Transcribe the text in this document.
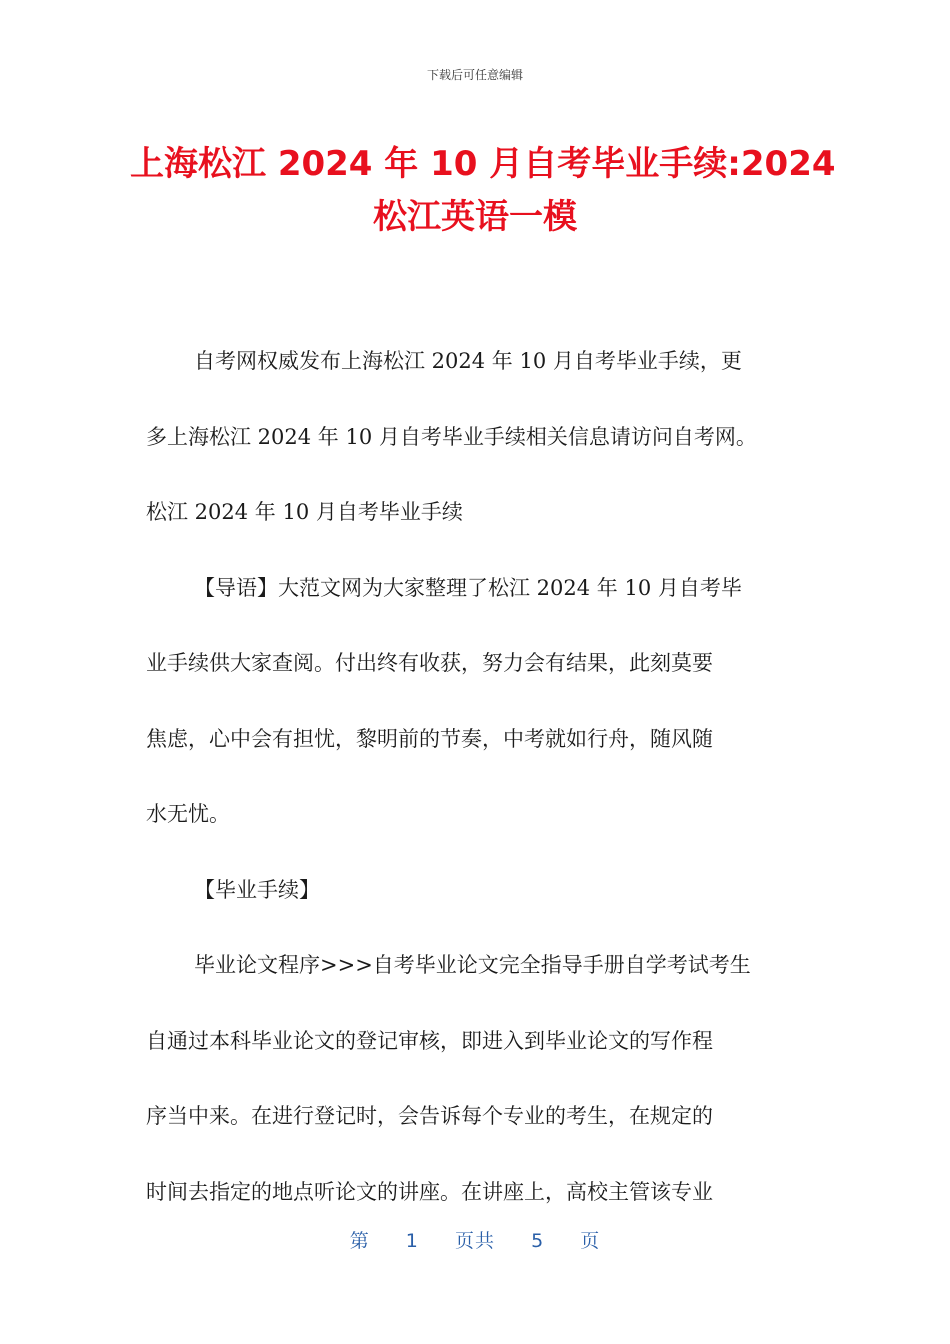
下载后可任意编辑
上海松江 2024 年 10 月自考毕业手续:2024
松江英语一模
自考网权威发布上海松江 2024 年 10 月自考毕业手续，更
多上海松江 2024 年 10 月自考毕业手续相关信息请访问自考网。
松江 2024 年 10 月自考毕业手续
【导语】大范文网为大家整理了松江 2024 年 10 月自考毕
业手续供大家查阅。付出终有收获，努力会有结果，此刻莫要
焦虑，心中会有担忧，黎明前的节奏，中考就如行舟，随风随
水无忧。
【毕业手续】
毕业论文程序>>>自考毕业论文完全指导手册自学考试考生
自通过本科毕业论文的登记审核，即进入到毕业论文的写作程
序当中来。在进行登记时，会告诉每个专业的考生，在规定的
时间去指定的地点听论文的讲座。在讲座上，高校主管该专业
第 1 页共 5 页
